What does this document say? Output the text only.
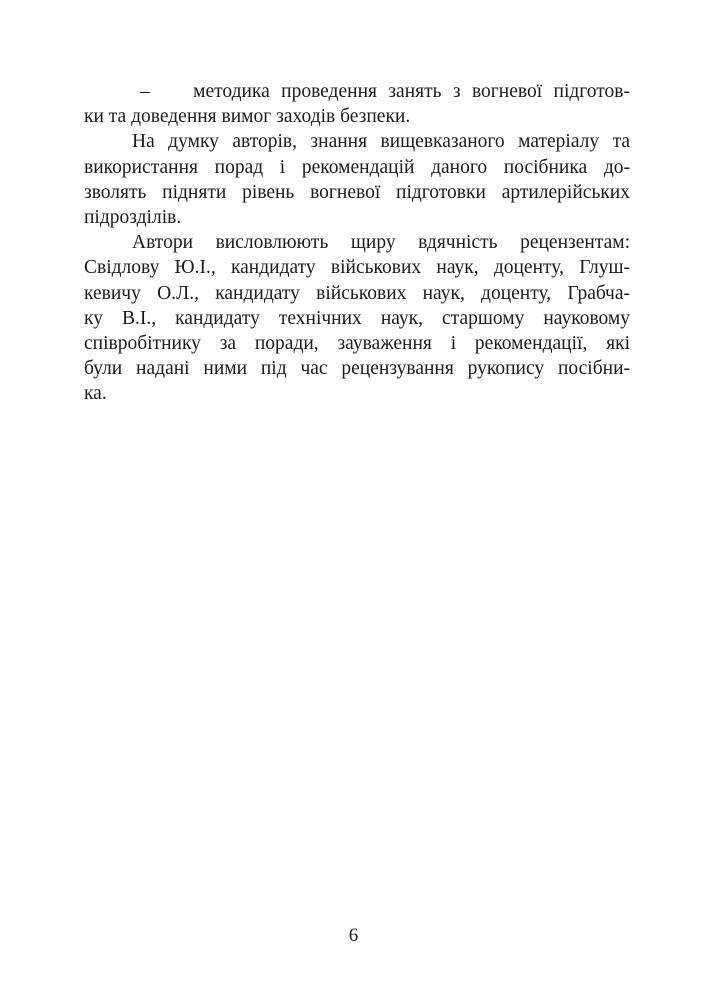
– методика проведення занять з вогневої підготов-
ки та доведення вимог заходів безпеки.
На думку авторів, знання вищевказаного матеріалу та
використання порад і рекомендацій даного посібника до-
зволять підняти рівень вогневої підготовки артилерійських
підрозділів.
Автори висловлюють щиру вдячність рецензентам:
Свідлову Ю.І., кандидату військових наук, доценту, Глуш-
кевичу О.Л., кандидату військових наук, доценту, Грабча-
ку В.І., кандидату технічних наук, старшому науковому
співробітнику за поради, зауваження і рекомендації, які
були надані ними під час рецензування рукопису посібни-
ка.
6
